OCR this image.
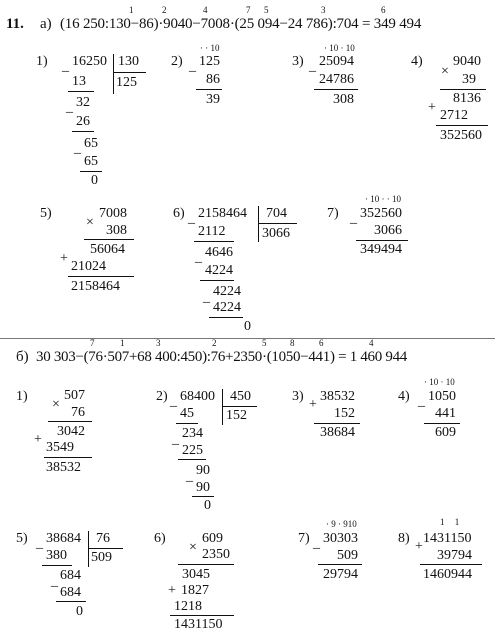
11. а) (16 250:130−86)·9040−7008·(25 094−24 786):704 = 349 494
1	2	4	7 5	3	6
1) _ 16250 130
125
13
_ 32
26
_ 65
65
0
2)
· · 10
_ 125
86
39
3)
· 10 · 10
_ 25094
24786
308
4)
×
9040
39
8136
+
2712
352560
5)
×
7008
308
56064
+
21024
2158464
6) _ 2158464 704
3066
2112
_ 4646
4224
_ 4224
4224
0
7)
· 10 · · 10
_ 352560
3066
349494
б) 30 303−(76·507+68 400:450):76+2350·(1050−441) = 1 460 944
7	1	3	2	5	8	6	4
1)
×
507
76
3042
+
3549
38532
2) _ 68400 450
152
45
_ 234
225
_ 90
90
0
3)
+
38532
152
38684
4)
· 10 · 10
_ 1050
441
609
5) _ 38684 76
509
380
_ 684
684
0
6)
×
609
2350
3045
+ 1827
1218
1431150
7)
· 9 · 910
_ 30303
509
29794
8)
1 1
+
1431150
39794
1460944
